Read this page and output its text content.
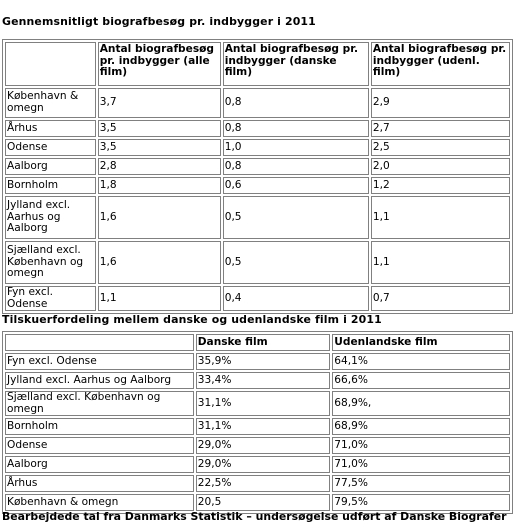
Gennemsnitligt biografbesøg pr. indbygger i 2011
	Antal biografbesøg pr. indbygger (alle film)	Antal biografbesøg pr. indbygger (danske film)	Antal biografbesøg pr. indbygger (udenl. film)
København & omegn	3,7	0,8	2,9
Århus	3,5	0,8	2,7
Odense	3,5	1,0	2,5
Aalborg	2,8	0,8	2,0
Bornholm	1,8	0,6	1,2
Jylland excl. Aarhus og Aalborg	1,6	0,5	1,1
Sjælland excl. København og omegn	1,6	0,5	1,1
Fyn excl. Odense	1,1	0,4	0,7
Tilskuerfordeling mellem danske og udenlandske film i 2011
	Danske film	Udenlandske film
Fyn excl. Odense	35,9%	64,1%
Jylland excl. Aarhus og Aalborg	33,4%	66,6%
Sjælland excl. København og omegn	31,1%	68,9%,
Bornholm	31,1%	68,9%
Odense	29,0%	71,0%
Aalborg	29,0%	71,0%
Århus	22,5%	77,5%
København & omegn	20,5	79,5%
Bearbejdede tal fra Danmarks Statistik – undersøgelse udført af Danske Biografer
